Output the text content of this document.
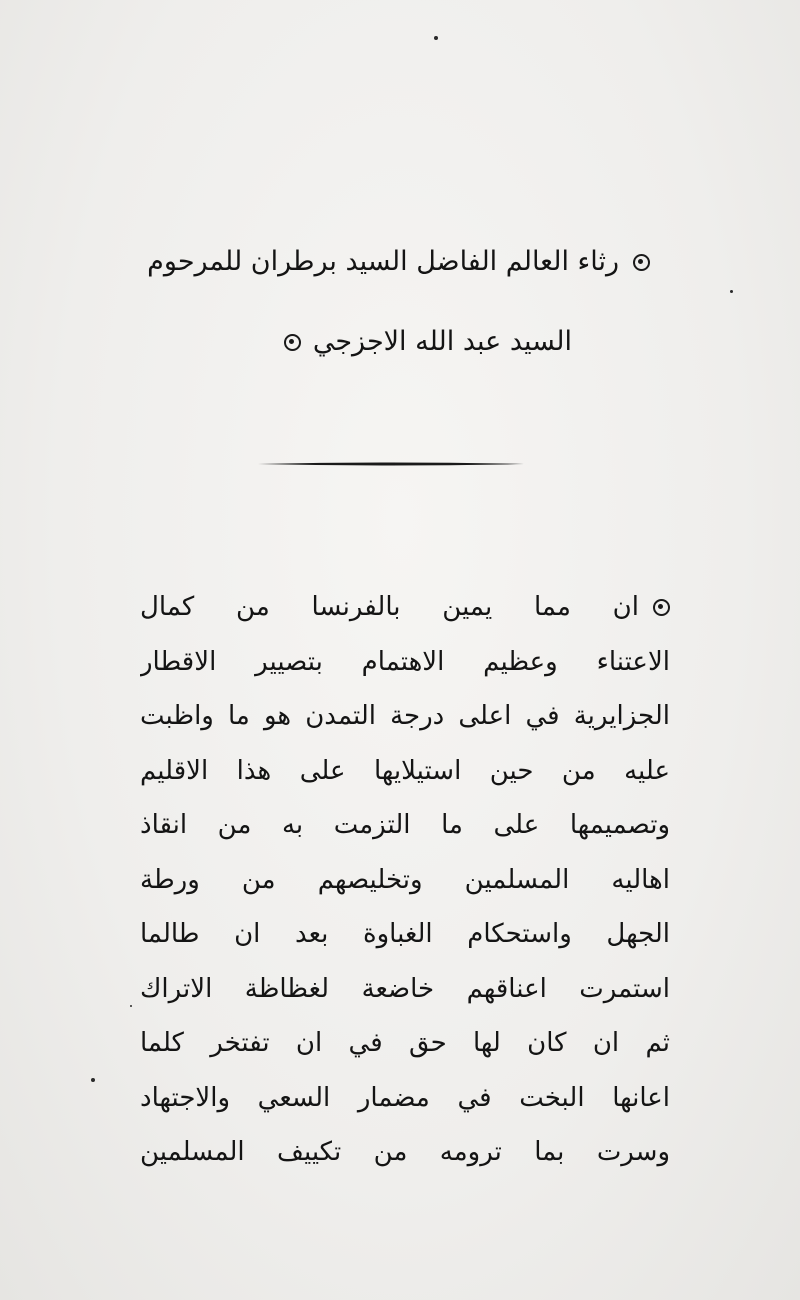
رثاء العالم الفاضل السيد برطران للمرحوم
السيد عبد الله الاجزجي
ان مما يمين بالفرنسا من كمال
الاعتناء وعظيم الاهتمام بتصيير الاقطار
الجزايرية في اعلى درجة التمدن هو ما واظبت
عليه من حين استيلايها على هذا الاقليم
وتصميمها على ما التزمت به من انقاذ
اهاليه المسلمين وتخليصهم من ورطة
الجهل واستحكام الغباوة بعد ان طالما
استمرت اعناقهم خاضعة لغظاظة الاتراك
ثم ان كان لها حق في ان تفتخر كلما
اعانها البخت في مضمار السعي والاجتهاد
وسرت بما ترومه من تكييف المسلمين
